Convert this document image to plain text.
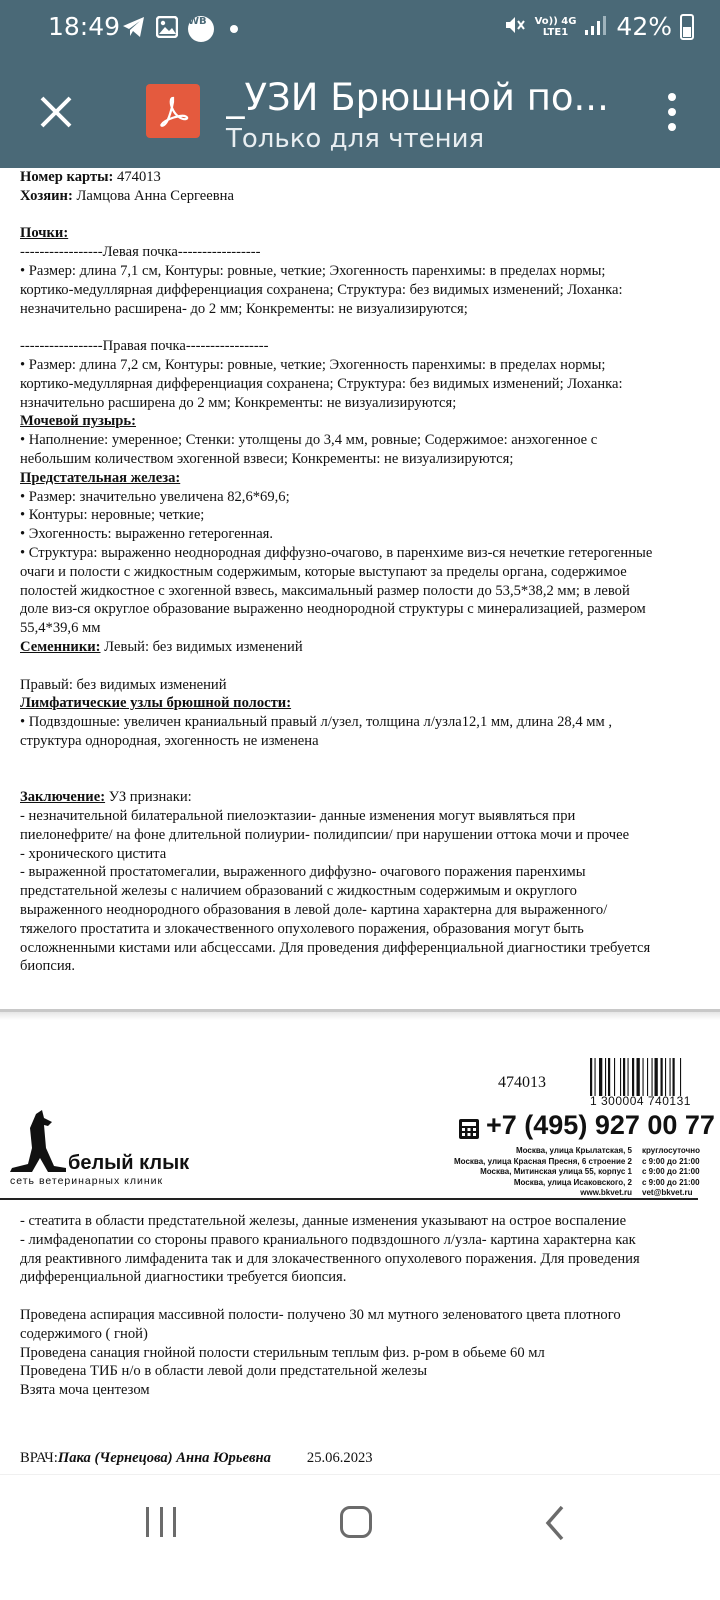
18:49	WB	Vo)) 4G
LTE1	42%
_УЗИ Брюшной по...
Только для чтения

Номер карты: 474013

Хозяин: Ламцова Анна Сергеевна

Почки:

-----------------Левая почка-----------------

• Размер: длина 7,1 см, Контуры: ровные, четкие; Эхогенность паренхимы: в пределах нормы;

кортико-медуллярная дифференциация сохранена; Структура: без видимых изменений; Лоханка:

незначительно расширена- до 2 мм; Конкременты: не визуализируются;

-----------------Правая почка-----------------

• Размер: длина 7,2 см, Контуры: ровные, четкие; Эхогенность паренхимы: в пределах нормы;

кортико-медуллярная дифференциация сохранена; Структура: без видимых изменений; Лоханка:

нзначительно расширена до 2 мм; Конкременты: не визуализируются;

Мочевой пузырь:

• Наполнение: умеренное; Стенки: утолщены до 3,4 мм, ровные; Содержимое: анэхогенное с

небольшим количеством эхогенной взвеси; Конкременты: не визуализируются;

Предстательная железа:

• Размер: значительно увеличена 82,6*69,6;

• Контуры: неровные; четкие;

• Эхогенность: выраженно гетерогенная.

• Структура: выраженно неоднородная диффузно-очагово, в паренхиме виз-ся нечеткие гетерогенные

очаги и полости с жидкостным содержимым, которые выступают за пределы органа, содержимое

полостей жидкостное с эхогенной взвесь, максимальный размер полости до 53,5*38,2 мм; в левой

доле виз-ся округлое образование выраженно неоднородной структуры с минерализацией, размером

55,4*39,6 мм

Семенники: Левый: без видимых изменений

Правый: без видимых изменений

Лимфатические узлы брюшной полости:

• Подвздошные: увеличен краниальный правый л/узел, толщина л/узла12,1 мм, длина 28,4 мм ,

структура однородная, эхогенность не изменена

Заключение: УЗ признаки:

- незначительной билатеральной пиелоэктазии- данные изменения могут выявляться при

пиелонефрите/ на фоне длительной полиурии- полидипсии/ при нарушении оттока мочи и прочее

- хронического цистита

- выраженной простатомегалии, выраженного диффузно- очагового поражения паренхимы

предстательной железы с наличием образований с жидкостным содержимым и округлого

выраженного неоднородного образования в левой доле- картина характерна для выраженного/

тяжелого простатита и злокачественного опухолевого поражения, образования могут быть

осложненными кистами или абсцессами. Для проведения дифференциальной диагностики требуется

биопсия.

474013
1 300004 740131
белый клык
сеть ветеринарных клиник
+7 (495) 927 00 77
Москва, улица Крылатская, 5	круглосуточно
Москва, улица Красная Пресня, 6 строение 2	с 9:00 до 21:00
Москва, Митинская улица 55, корпус 1	с 9:00 до 21:00
Москва, улица Исаковского, 2	с 9:00 до 21:00
www.bkvet.ru	vet@bkvet.ru

- стеатита в области предстательной железы, данные изменения указывают на острое воспаление

- лимфаденопатии со стороны правого краниального подвздошного л/узла- картина характерна как

для реактивного лимфаденита так и для злокачественного опухолевого поражения. Для проведения

дифференциальной диагностики требуется биопсия.

Проведена аспирация массивной полости- получено 30 мл мутного зеленоватого цвета плотного

содержимого ( гной)

Проведена санация гнойной полости стерильным теплым физ. р-ром в обьеме 60 мл

Проведена ТИБ н/о в области левой доли предстательной железы

Взята моча центезом

ВРАЧ:Пака (Чернецова) Анна Юрьевна 25.06.2023
